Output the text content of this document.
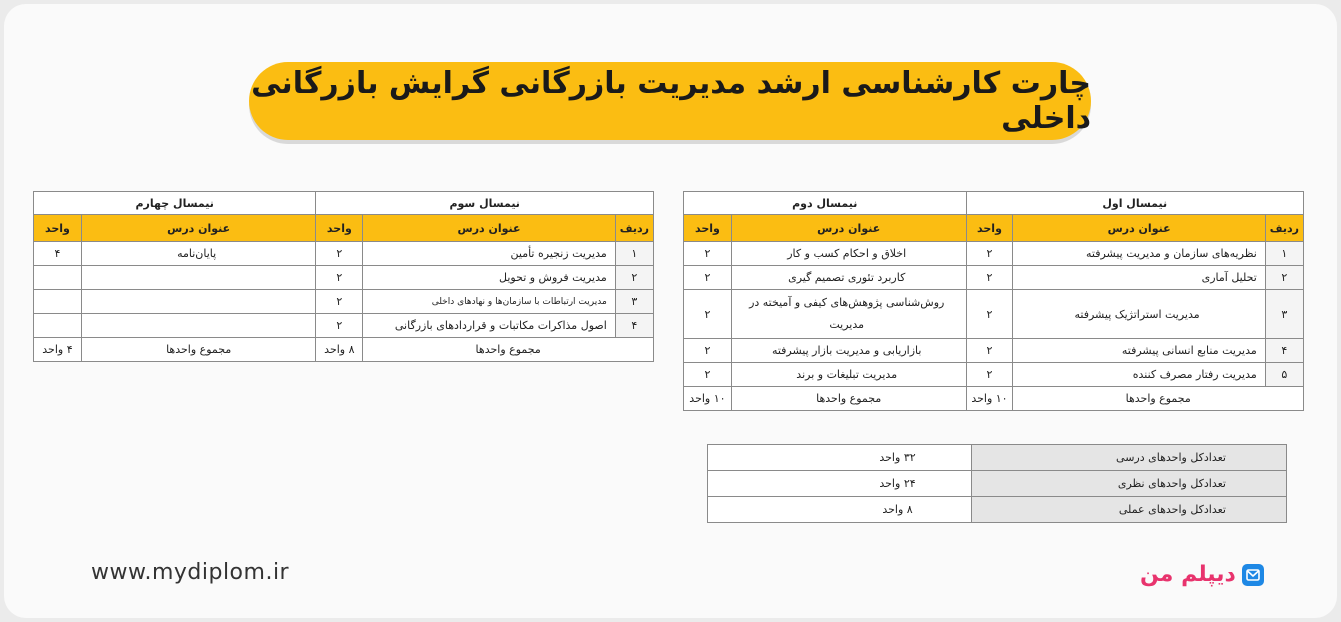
چارت کارشناسی ارشد مدیریت بازرگانی گرایش بازرگانی داخلی
نیمسال اول			نیمسال دوم	
ردیف	عنوان درس	واحد	عنوان درس	واحد
۱	نظریه‌های سازمان و مدیریت پیشرفته	۲	اخلاق و احکام کسب و کار	۲
۲	تحلیل آماری	۲	کاربرد تئوری تصمیم گیری	۲
۳	مدیریت استراتژیک پیشرفته	۲	روش‌شناسی پژوهش‌های کیفی و آمیخته در مدیریت	۲
۴	مدیریت منابع انسانی پیشرفته	۲	بازاریابی و مدیریت بازار پیشرفته	۲
۵	مدیریت رفتار مصرف کننده	۲	مدیریت تبلیغات و برند	۲
مجموع واحدها		۱۰ واحد	مجموع واحدها	۱۰ واحد
نیمسال سوم			نیمسال چهارم	
ردیف	عنوان درس	واحد	عنوان درس	واحد
۱	مدیریت زنجیره تأمین	۲	پایان‌نامه	۴
۲	مدیریت فروش و تحویل	۲		
۳	مدیریت ارتباطات با سازمان‌ها و نهادهای داخلی	۲		
۴	اصول مذاکرات مکاتبات و قراردادهای بازرگانی	۲		
مجموع واحدها		۸ واحد	مجموع واحدها	۴ واحد
تعدادکل واحدهای درسی	۳۲ واحد
تعدادکل واحدهای نظری	۲۴ واحد
تعدادکل واحدهای عملی	۸ واحد
www.mydiplom.ir	دیپلم من
